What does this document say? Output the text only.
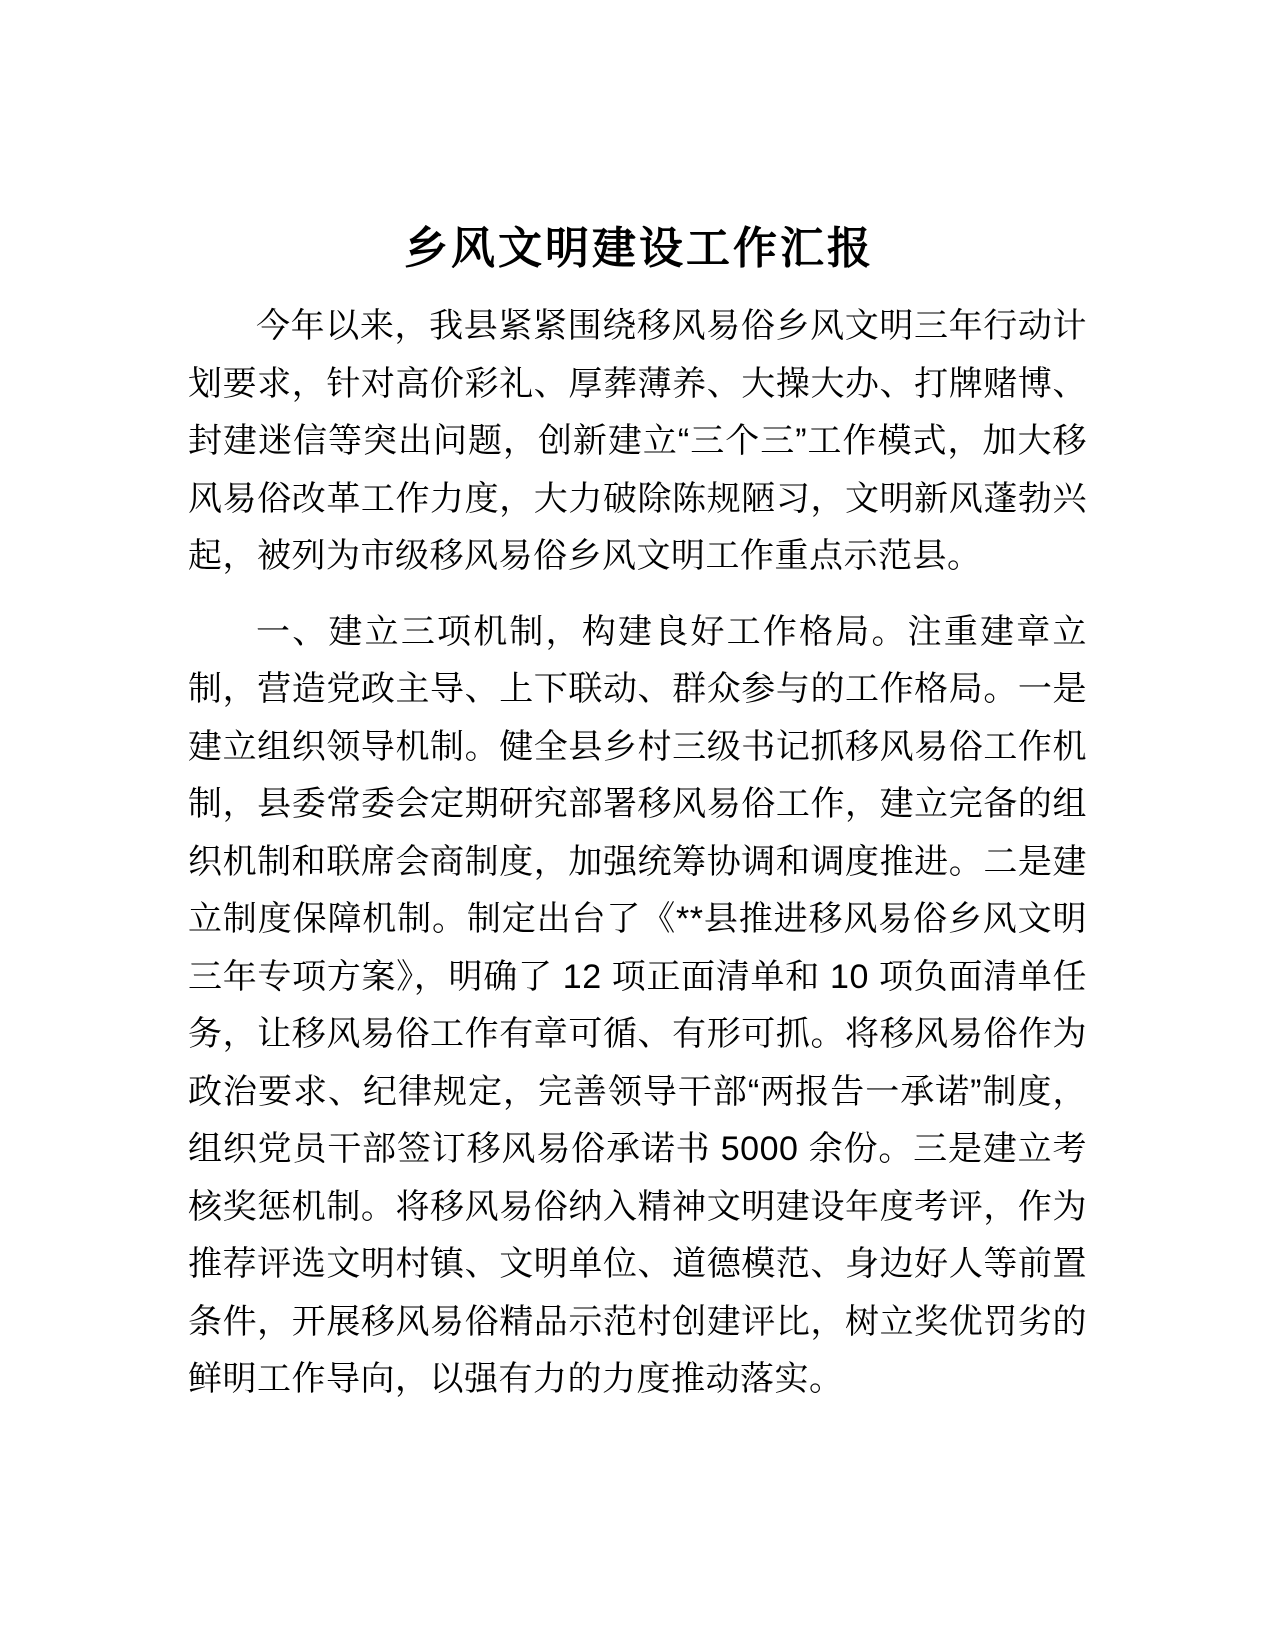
乡风文明建设工作汇报

今年以来，我县紧紧围绕移风易俗乡风文明三年行动计划要求，针对高价彩礼、厚葬薄养、大操大办、打牌赌博、封建迷信等突出问题，创新建立“三个三”工作模式，加大移风易俗改革工作力度，大力破除陈规陋习，文明新风蓬勃兴起，被列为市级移风易俗乡风文明工作重点示范县。

一、建立三项机制，构建良好工作格局。注重建章立制，营造党政主导、上下联动、群众参与的工作格局。一是建立组织领导机制。健全县乡村三级书记抓移风易俗工作机制，县委常委会定期研究部署移风易俗工作，建立完备的组织机制和联席会商制度，加强统筹协调和调度推进。二是建立制度保障机制。制定出台了《**县推进移风易俗乡风文明三年专项方案》，明确了 12 项正面清单和 10 项负面清单任务，让移风易俗工作有章可循、有形可抓。将移风易俗作为政治要求、纪律规定，完善领导干部“两报告一承诺”制度，组织党员干部签订移风易俗承诺书 5000 余份。三是建立考核奖惩机制。将移风易俗纳入精神文明建设年度考评，作为推荐评选文明村镇、文明单位、道德模范、身边好人等前置条件，开展移风易俗精品示范村创建评比，树立奖优罚劣的鲜明工作导向，以强有力的力度推动落实。
